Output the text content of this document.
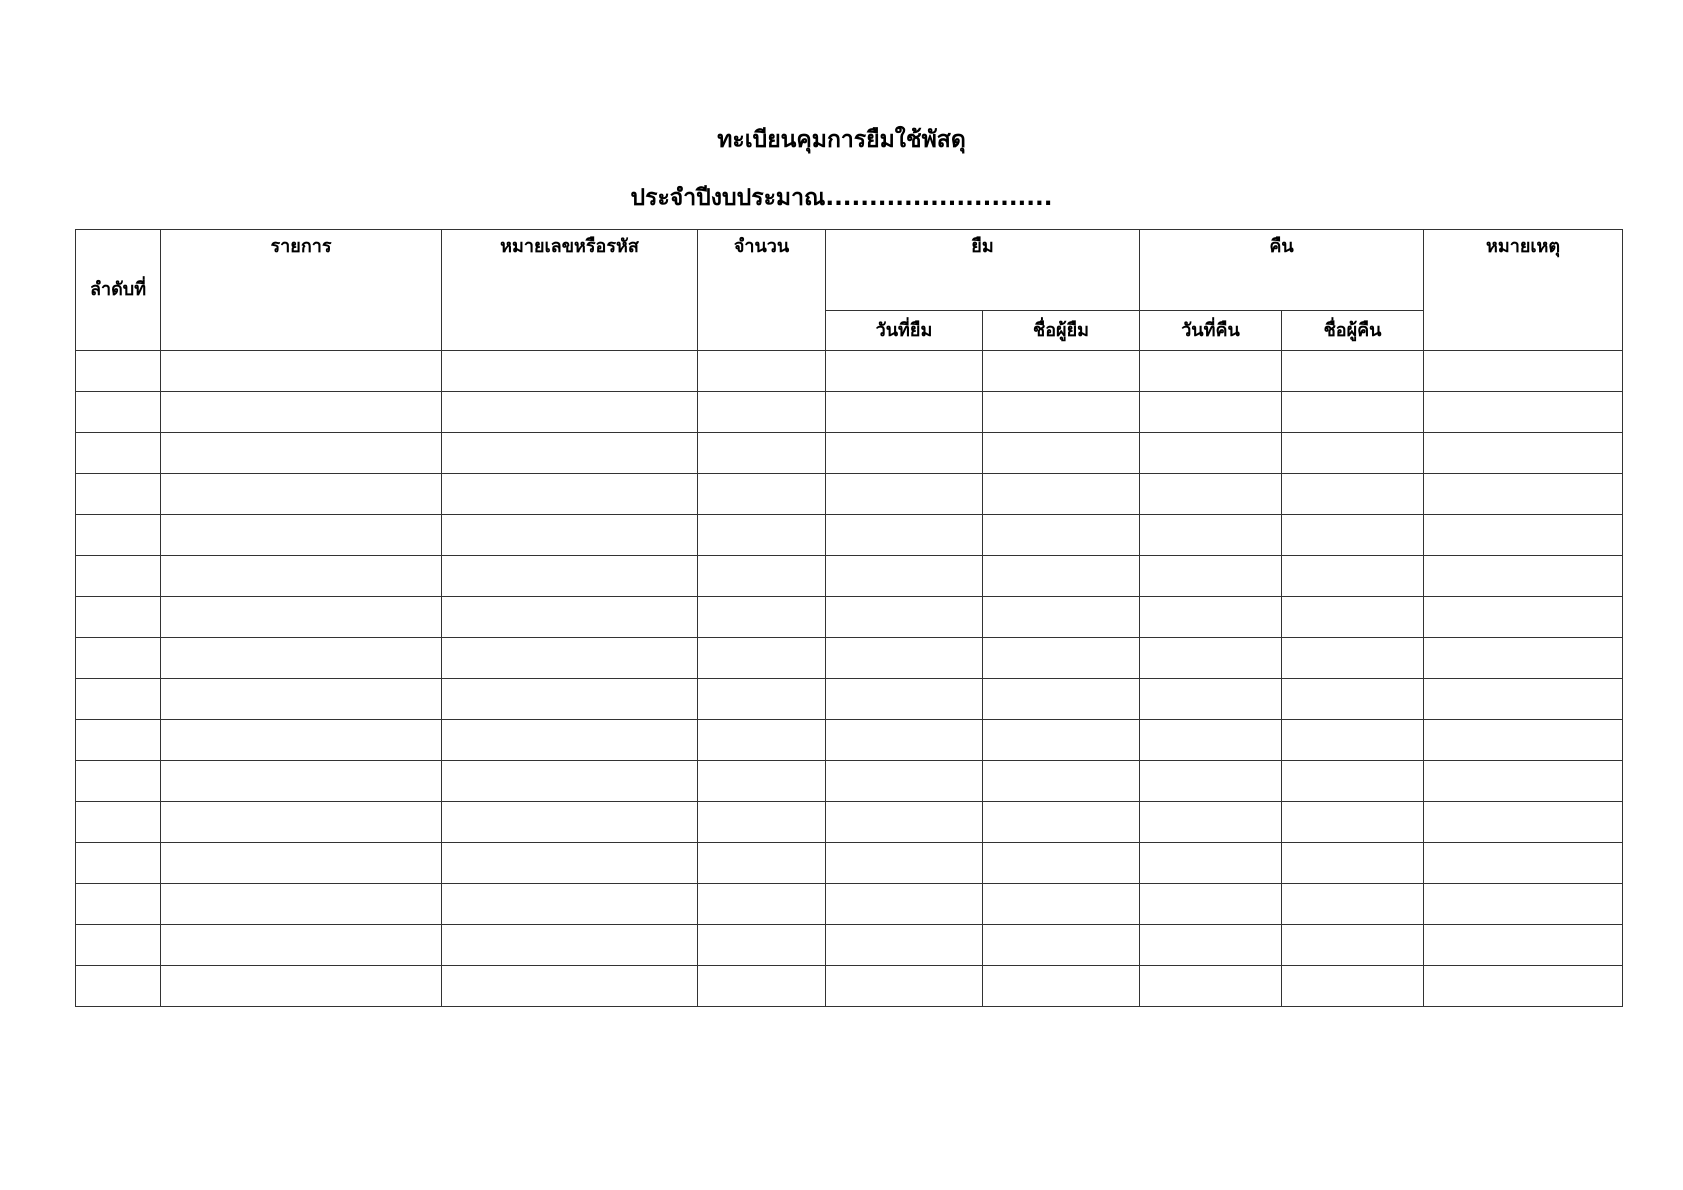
ทะเบียนคุมการยืมใช้พัสดุ
ประจำปีงบประมาณ..........................
ลำดับที่	รายการ	หมายเลขหรือรหัส	จำนวน	ยืม		คืน		หมายเหตุ
				วันที่ยืม	ชื่อผู้ยืม	วันที่คืน	ชื่อผู้คืน	
